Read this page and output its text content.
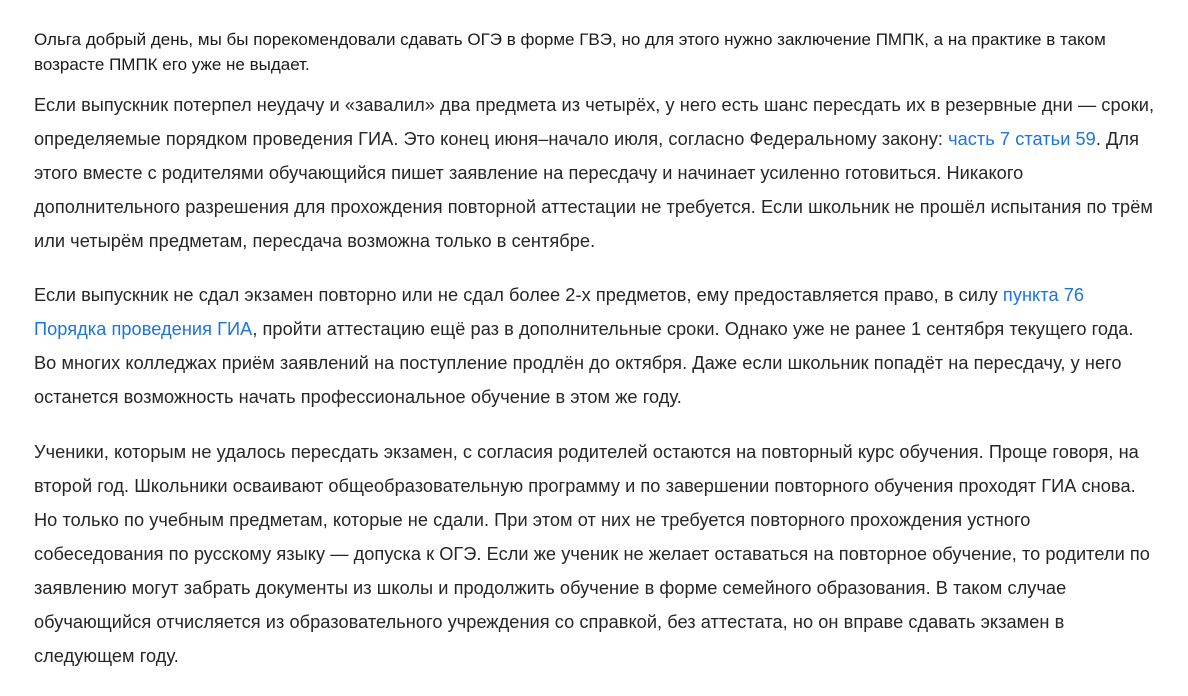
Ольга добрый день, мы бы порекомендовали сдавать ОГЭ в форме ГВЭ, но для этого нужно заключение ПМПК, а на практике в таком возрасте ПМПК его уже не выдает.

Если выпускник потерпел неудачу и «завалил» два предмета из четырёх, у него есть шанс пересдать их в резервные дни — сроки, определяемые порядком проведения ГИА. Это конец июня–начало июля, согласно Федеральному закону: часть 7 статьи 59. Для этого вместе с родителями обучающийся пишет заявление на пересдачу и начинает усиленно готовиться. Никакого дополнительного разрешения для прохождения повторной аттестации не требуется. Если школьник не прошёл испытания по трём или четырём предметам, пересдача возможна только в сентябре.

Если выпускник не сдал экзамен повторно или не сдал более 2-х предметов, ему предоставляется право, в силу пункта 76 Порядка проведения ГИА, пройти аттестацию ещё раз в дополнительные сроки. Однако уже не ранее 1 сентября текущего года. Во многих колледжах приём заявлений на поступление продлён до октября. Даже если школьник попадёт на пересдачу, у него останется возможность начать профессиональное обучение в этом же году.

Ученики, которым не удалось пересдать экзамен, с согласия родителей остаются на повторный курс обучения. Проще говоря, на второй год. Школьники осваивают общеобразовательную программу и по завершении повторного обучения проходят ГИА снова. Но только по учебным предметам, которые не сдали. При этом от них не требуется повторного прохождения устного собеседования по русскому языку — допуска к ОГЭ. Если же ученик не желает оставаться на повторное обучение, то родители по заявлению могут забрать документы из школы и продолжить обучение в форме семейного образования. В таком случае обучающийся отчисляется из образовательного учреждения со справкой, без аттестата, но он вправе сдавать экзамен в следующем году.
